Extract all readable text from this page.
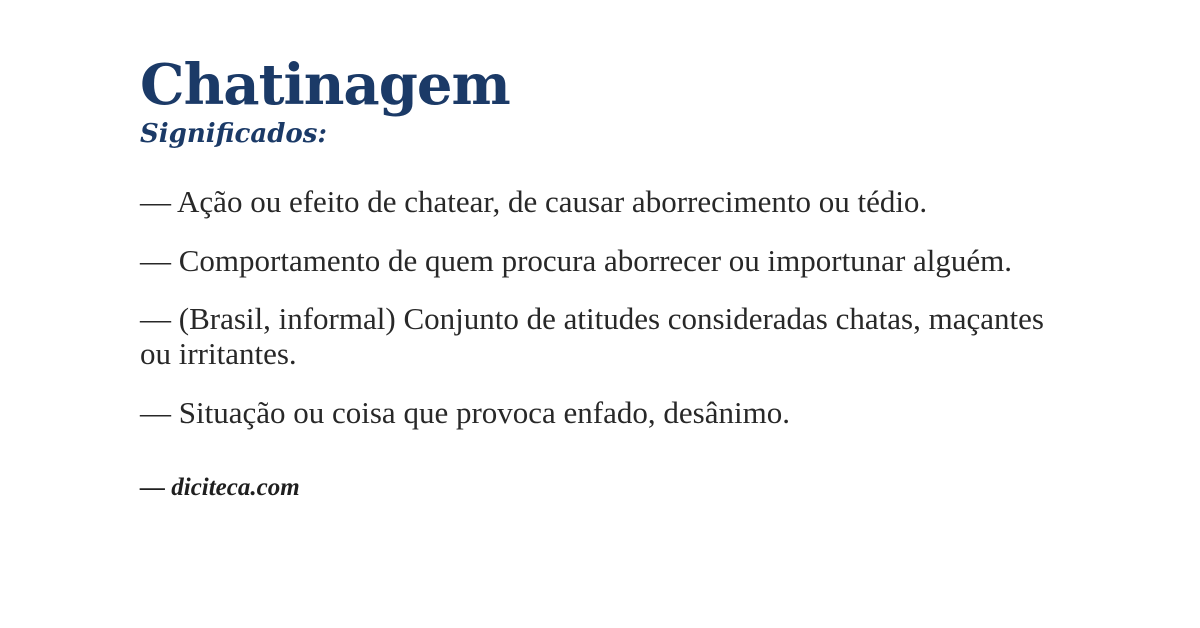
Chatinagem
Significados:

— Ação ou efeito de chatear, de causar aborrecimento ou tédio.

— Comportamento de quem procura aborrecer ou importunar alguém.

— (Brasil, informal) Conjunto de atitudes consideradas chatas, maçantes ou irritantes.

— Situação ou coisa que provoca enfado, desânimo.

— diciteca.com
